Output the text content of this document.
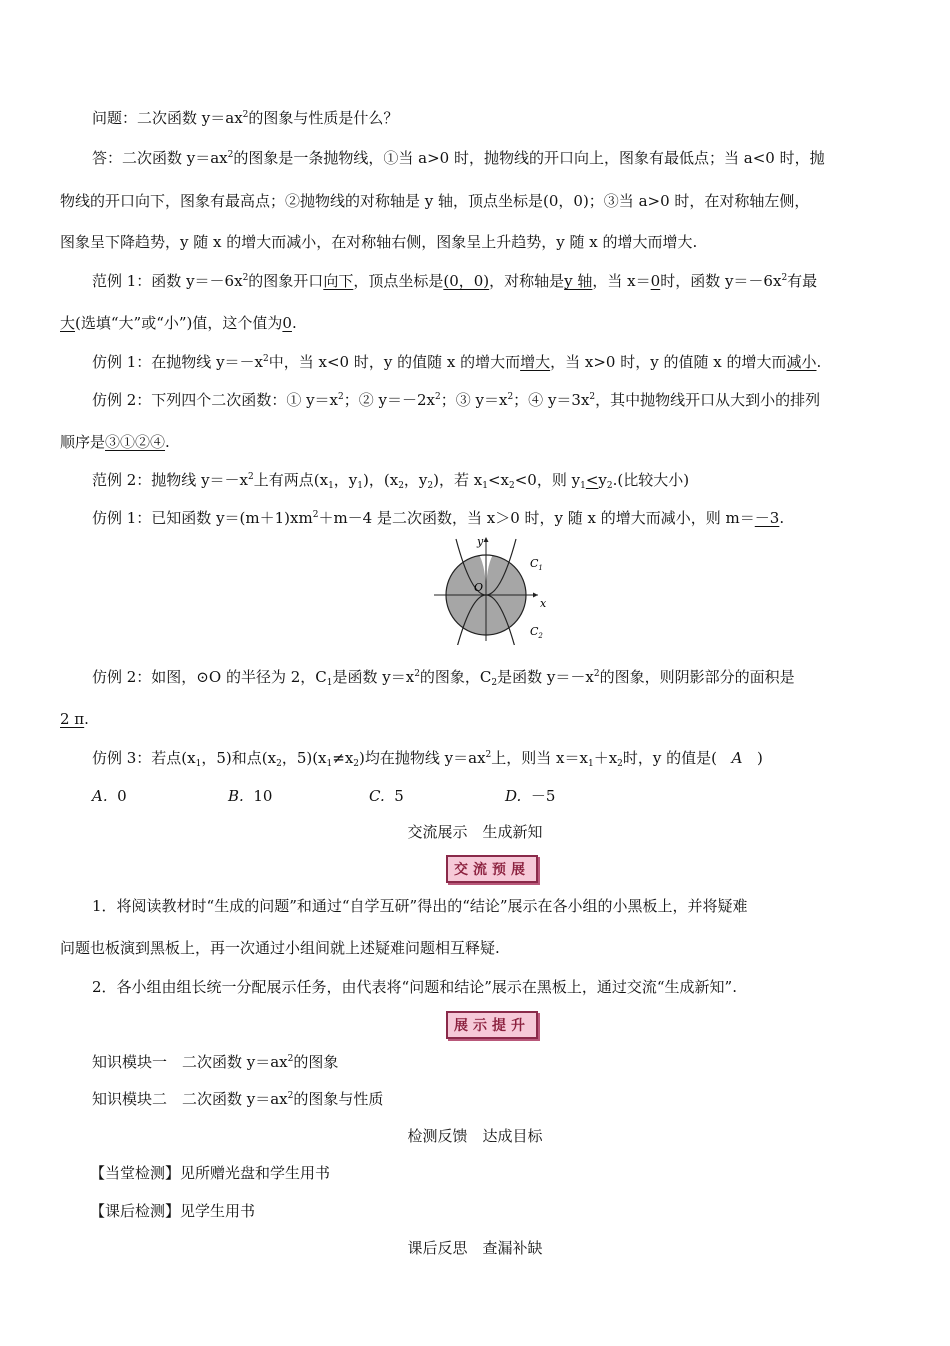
问题：二次函数 $y=ax^2$的图象与性质是什么？
答：二次函数 $y=ax^2$的图象是一条抛物线，①当 a>0 时，抛物线的开口向上，图象有最低点；当 a<0 时，抛
物线的开口向下，图象有最高点；②抛物线的对称轴是 y 轴，顶点坐标是(0，0)；③当 a>0 时，在对称轴左侧，
图象呈下降趋势，y 随 x 的增大而减小，在对称轴右侧，图象呈上升趋势，y 随 x 的增大而增大.
范例 1：函数 $y=-6x^2$的图象开口向下，顶点坐标是(0，0)，对称轴是y 轴，当 x＝0时，函数 $y=-6x^2$有最
大(选填“大”或“小”)值，这个值为0.
仿例 1：在抛物线 $y=-x^2$中，当 x<0 时，y 的值随 x 的增大而增大，当 x>0 时，y 的值随 x 的增大而减小.
仿例 2：下列四个二次函数：① $y=x^2$；② $y=-2x^2$；③ $y=x^2$；④ $y=3x^2$，其中抛物线开口从大到小的排列
顺序是③①②④.
范例 2：抛物线 $y=-x^2$上有两点($x_1$，$y_1$)，($x_2$，$y_2$)，若 $x_1<x_2<0$，则 $y_1<y_2$.(比较大小)
仿例 1：已知函数 $y=(m+1)xm^2+m-4$ 是二次函数，当 x＞0 时，y 随 x 的增大而减小，则 m＝－3.
y
x
O
$C_1$
$C_2$
仿例 2：如图，⊙O 的半径为 2，$C_1$是函数 $y=x^2$的图象，$C_2$是函数 $y=-x^2$的图象，则阴影部分的面积是
2 π.
仿例 3：若点($x_1$，5)和点($x_2$，$5)(x_1\ne x_2)$均在抛物线 $y=ax^2$上，则当 $x=x_1+x_2$时，y 的值是( A )
A. 0	B. 10	C. 5	D. －5
交流展示　生成新知
交流预展
1．将阅读教材时“生成的问题”和通过“自学互研”得出的“结论”展示在各小组的小黑板上，并将疑难
问题也板演到黑板上，再一次通过小组间就上述疑难问题相互释疑.
2．各小组由组长统一分配展示任务，由代表将“问题和结论”展示在黑板上，通过交流“生成新知”.
展示提升
知识模块一　二次函数 $y=ax^2$的图象
知识模块二　二次函数 $y=ax^2$的图象与性质
检测反馈　达成目标
【当堂检测】见所赠光盘和学生用书
【课后检测】见学生用书
课后反思　查漏补缺
